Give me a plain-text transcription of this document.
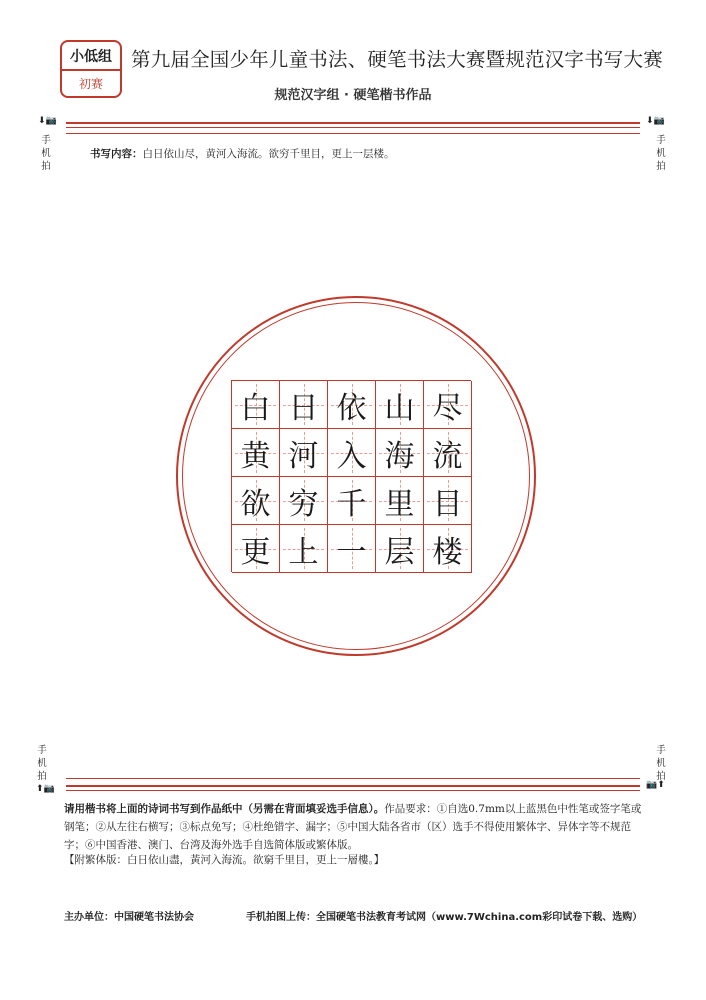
小低组
初赛
第九届全国少年儿童书法、硬笔书法大赛暨规范汉字书写大赛
规范汉字组 · 硬笔楷书作品
⬇📷	⬇📷
手
机
拍
手
机
拍
书写内容：白日依山尽，黄河入海流。欲穷千里目，更上一层楼。
白 日 依 山 尽
黄 河 入 海 流
欲 穷 千 里 目
更 上 一 层 楼
手
机
拍
手
机
拍
⬆📷	📷⬆
请用楷书将上面的诗词书写到作品纸中（另需在背面填妥选手信息）。作品要求：①自选0.7mm以上蓝黑色中性笔或签字笔或钢笔；②从左往右横写；③标点免写；④杜绝错字、漏字；⑤中国大陆各省市（区）选手不得使用繁体字、异体字等不规范字；⑥中国香港、澳门、台湾及海外选手自选简体版或繁体版。
【附繁体版：白日依山盡，黃河入海流。欲窮千里目，更上一層樓。】
主办单位：中国硬笔书法协会	手机拍图上传：全国硬笔书法教育考试网（www.7Wchina.com彩印试卷下载、选购）
